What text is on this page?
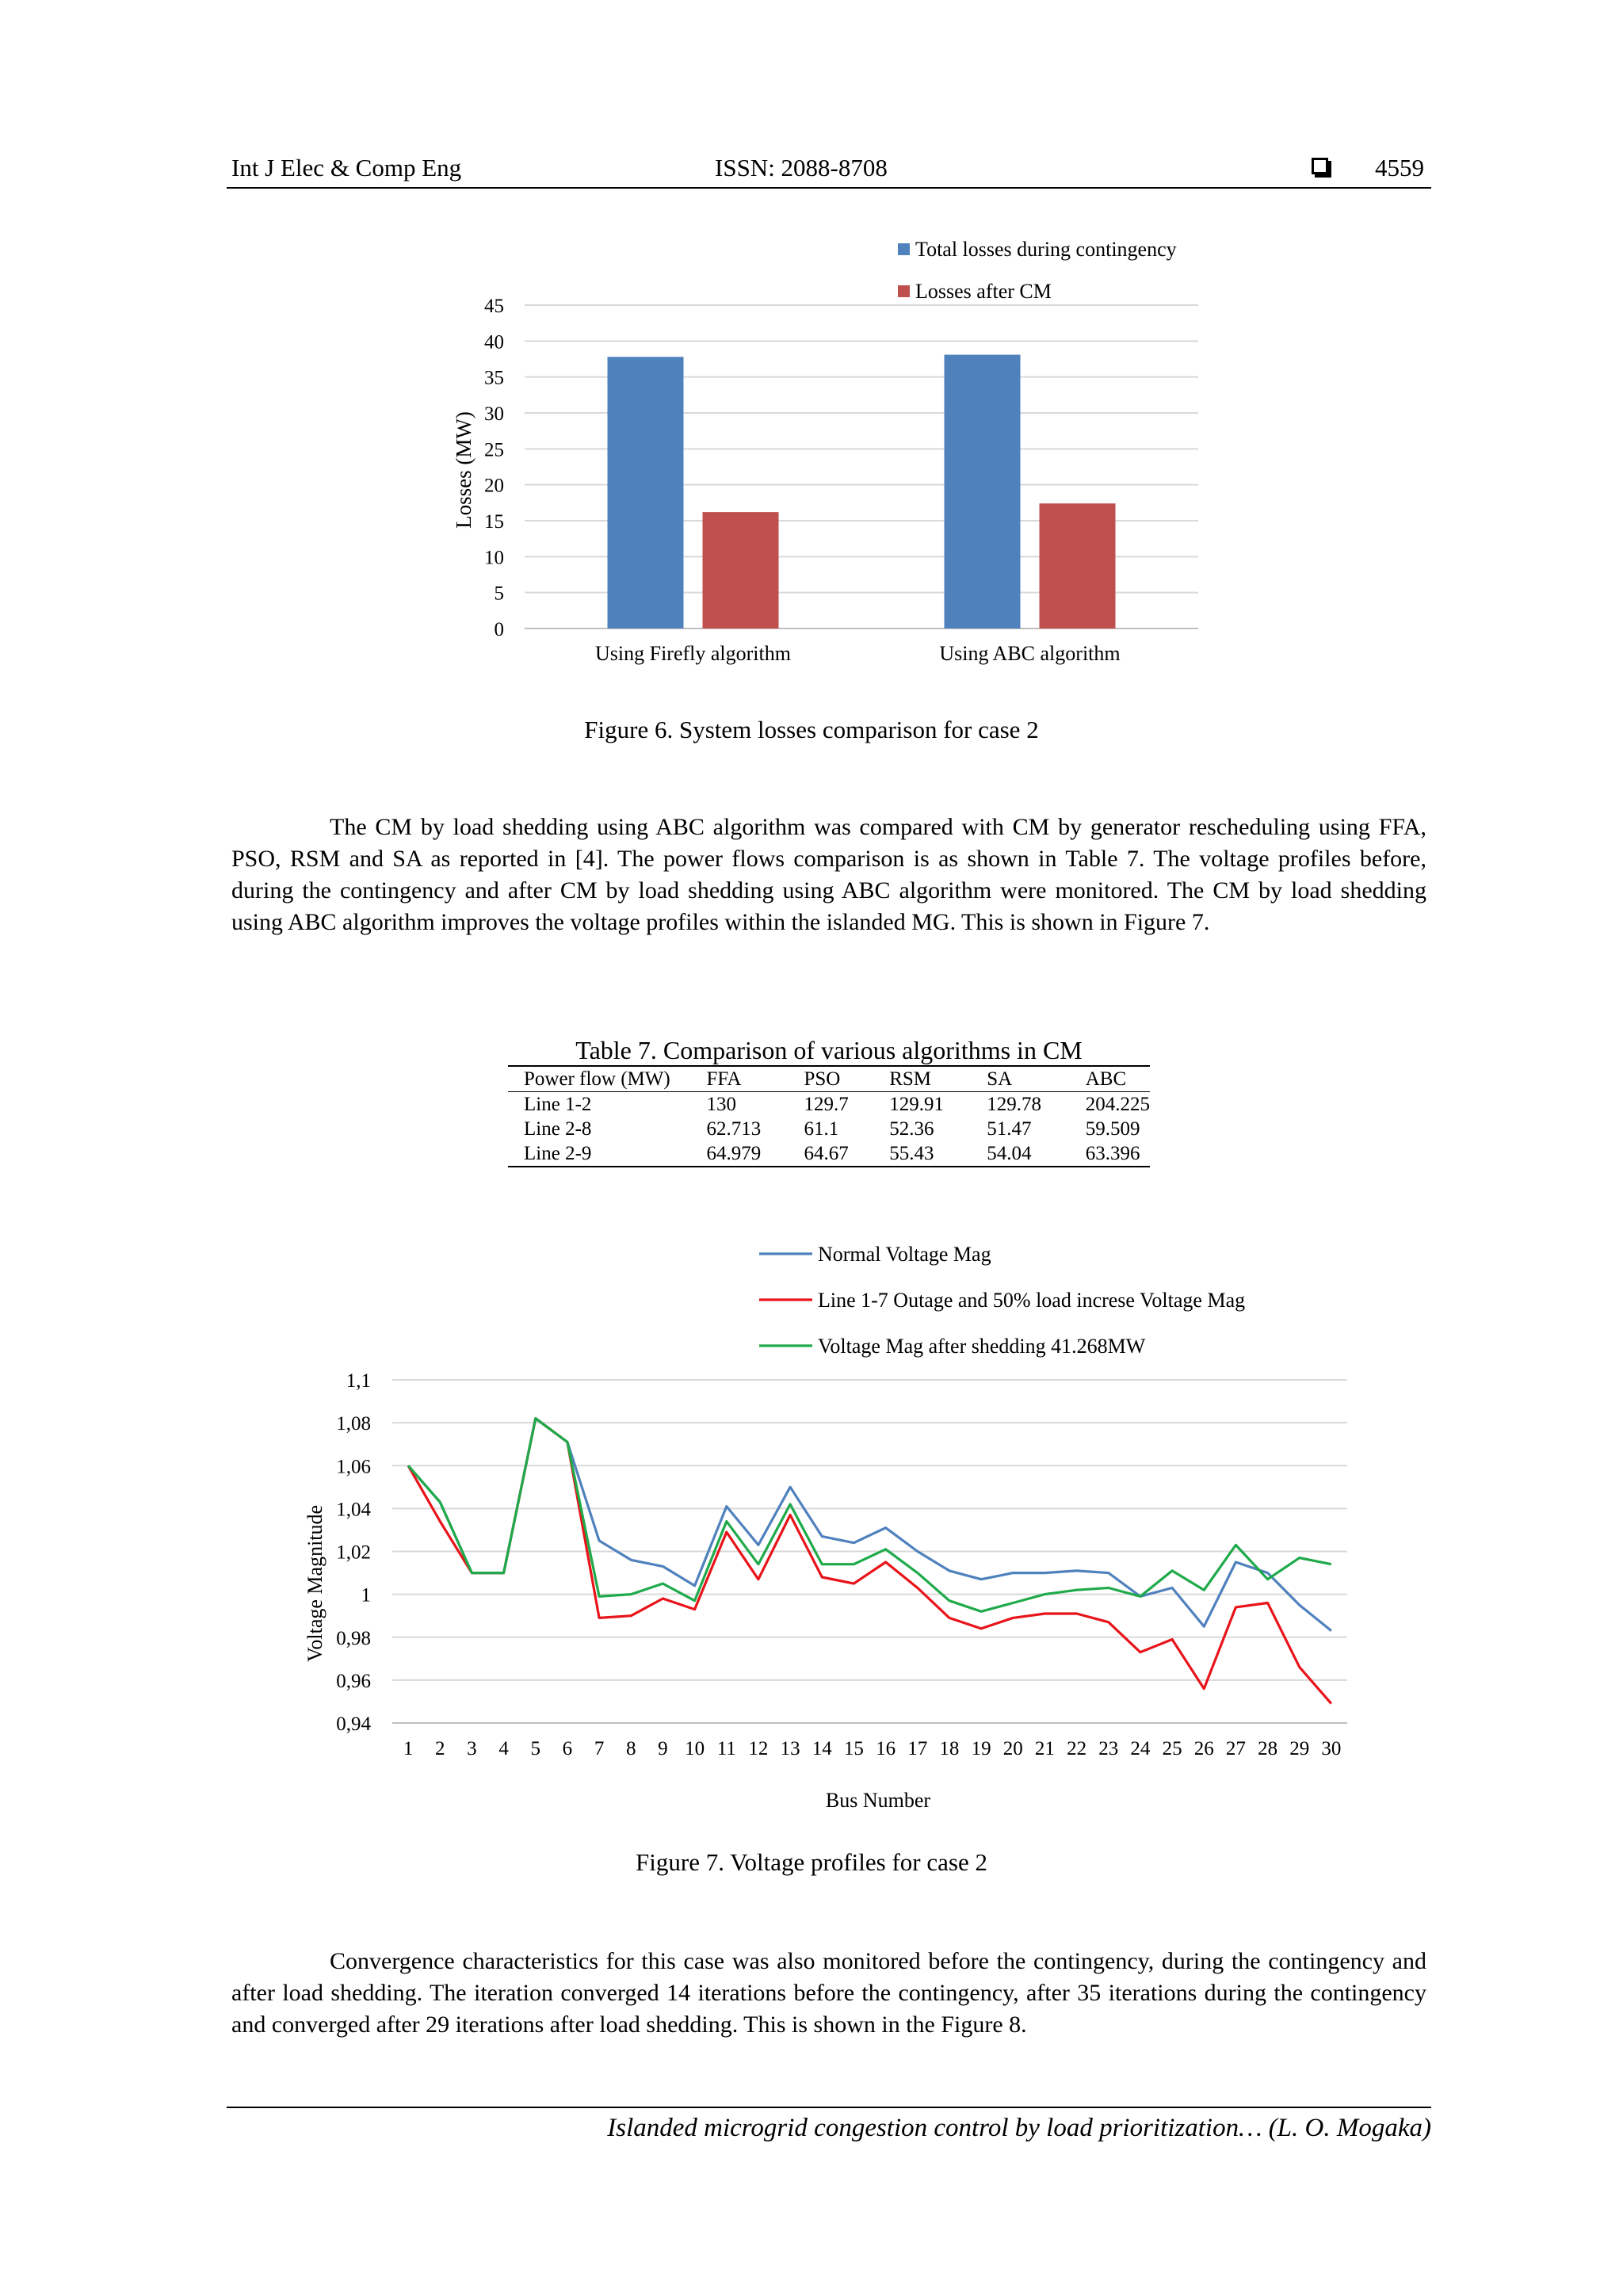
Int J Elec & Comp Eng	ISSN: 2088-8708	4559
0
5
10
15
20
25
30
35
40
45
Using Firefly algorithm	Using ABC algorithm
Total losses during contingency
Losses after CM
Losses (MW)
Figure 6. System losses comparison for case 2

The CM by load shedding using ABC algorithm was compared with CM by generator rescheduling using FFA, PSO, RSM and SA as reported in [4]. The power flows comparison is as shown in Table 7. The voltage profiles before, during the contingency and after CM by load shedding using ABC algorithm were monitored. The CM by load shedding using ABC algorithm improves the voltage profiles within the islanded MG. This is shown in Figure 7.

Table 7. Comparison of various algorithms in CM
Power flow (MW)	FFA	PSO	RSM	SA	ABC
Line 1-2	130	129.7	129.91	129.78	204.225
Line 2-8	62.713	61.1	52.36	51.47	59.509
Line 2-9	64.979	64.67	55.43	54.04	63.396
0,94
0,96
0,98
1
1,02
1,04
1,06
1,08
1,1
1 2 3 4 5 6 7 8 9 10 11 12 13 14 15 16 17 18 19 20 21 22 23 24 25 26 27 28 29 30
Normal Voltage Mag
Line 1-7 Outage and 50% load increse Voltage Mag
Voltage Mag after shedding 41.268MW
Bus Number
Voltage Magnitude
Figure 7. Voltage profiles for case 2

Convergence characteristics for this case was also monitored before the contingency, during the contingency and after load shedding. The iteration converged 14 iterations before the contingency, after 35 iterations during the contingency and converged after 29 iterations after load shedding. This is shown in the Figure 8.

Islanded microgrid congestion control by load prioritization… (L. O. Mogaka)
